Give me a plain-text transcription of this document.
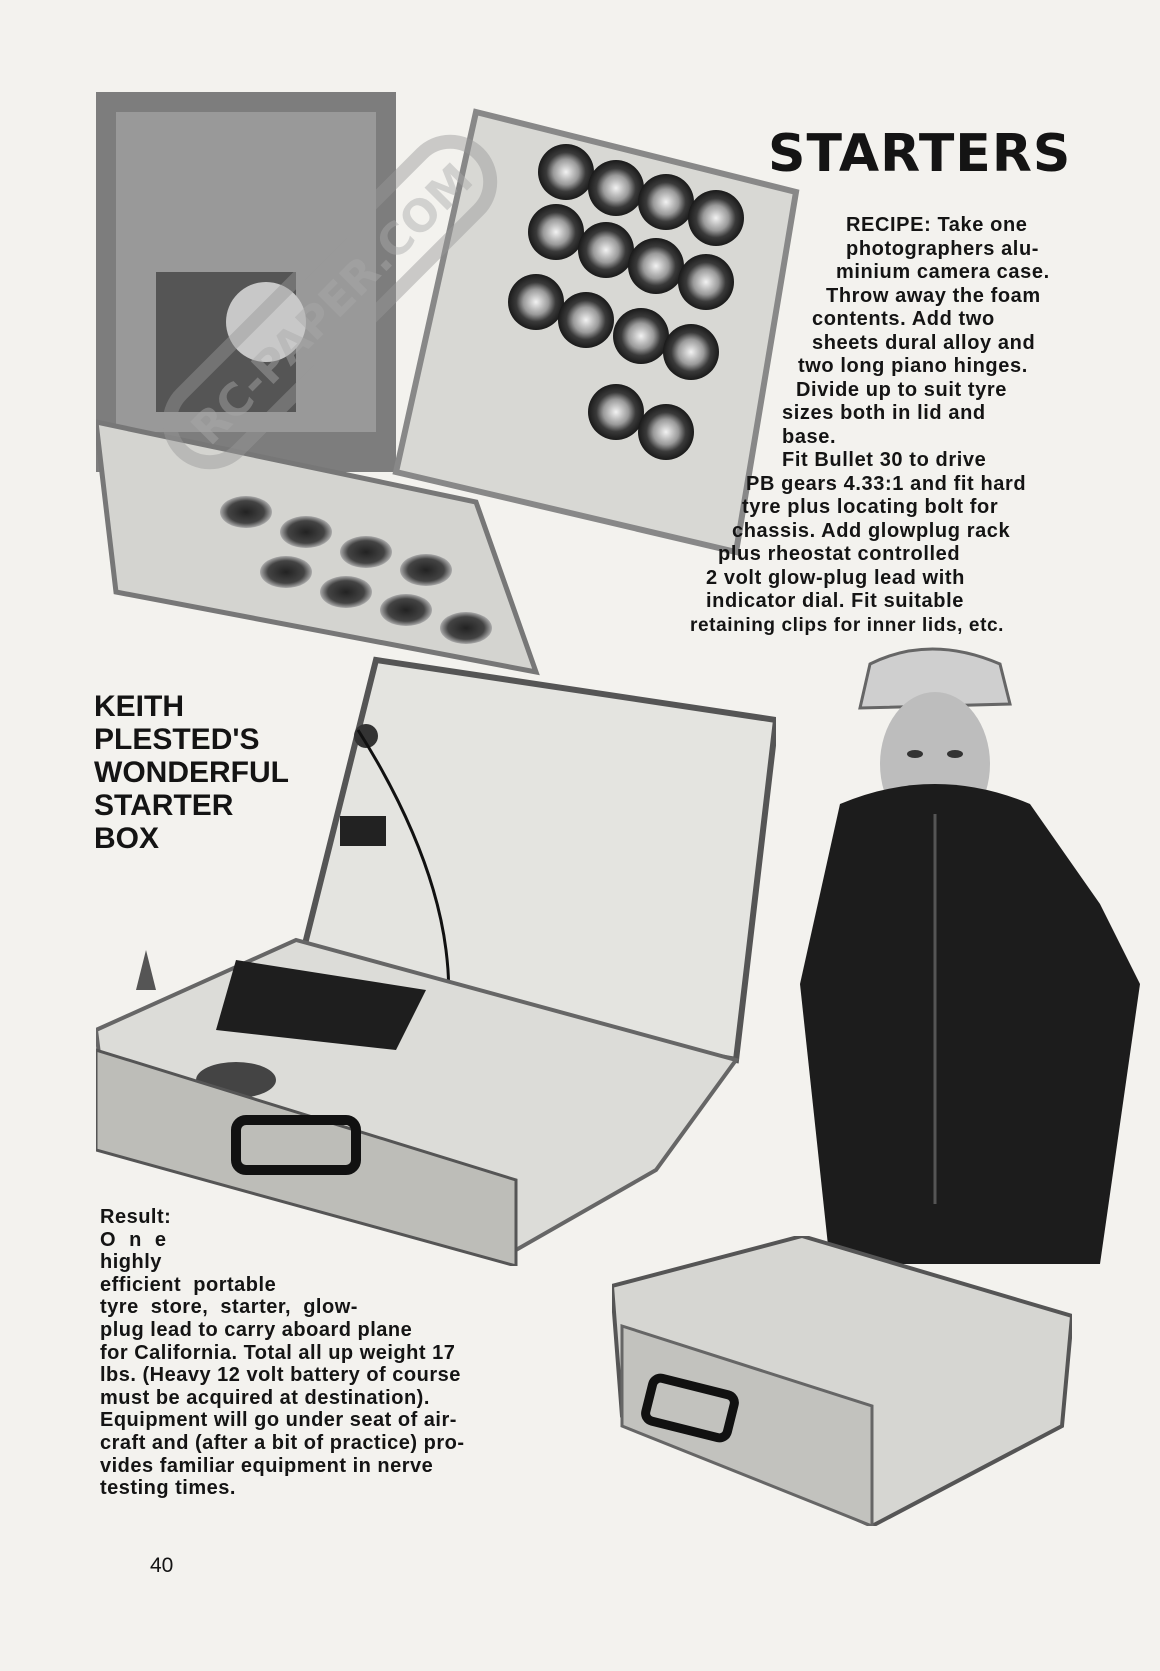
RC-PAPER.COM	STARTERS

RECIPE: Take one
photographers alu-
minium camera case.
Throw away the foam
contents. Add two
sheets dural alloy and
two long piano hinges.
Divide up to suit tyre
sizes both in lid and
base.
Fit Bullet 30 to drive
PB gears 4.33:1 and fit hard
tyre plus locating bolt for
chassis. Add glowplug rack
plus rheostat controlled
2 volt glow-plug lead with
indicator dial. Fit suitable
retaining clips for inner lids, etc.

KEITH
PLESTED'S
WONDERFUL
STARTER
BOX

Result:
O n e
highly
efficient  portable
tyre  store,  starter,  glow-
plug lead to carry aboard plane
for California. Total all up weight 17
lbs. (Heavy 12 volt battery of course
must be acquired at destination).
Equipment will go under seat of air-
craft and (after a bit of practice) pro-
vides familiar equipment in nerve
testing times.

40
